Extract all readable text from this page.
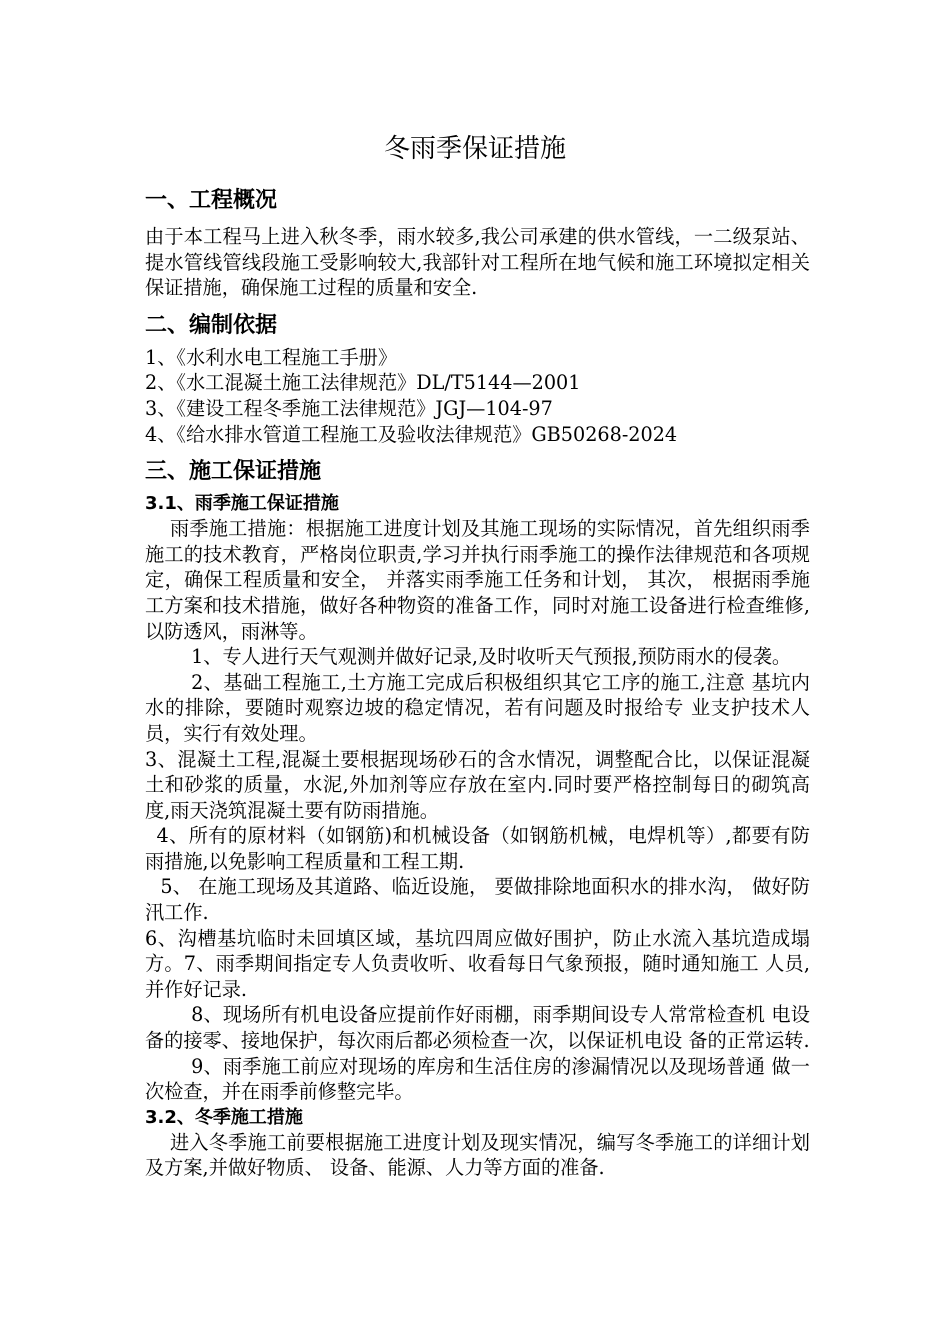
冬雨季保证措施
一、工程概况

由于本工程马上进入秋冬季，雨水较多,我公司承建的供水管线，一二级泵站、提水管线管线段施工受影响较大,我部针对工程所在地气候和施工环境拟定相关保证措施，确保施工过程的质量和安全.

二、编制依据

1、《水利水电工程施工手册》

2、《水工混凝土施工法律规范》DL/T5144—2001

3、《建设工程冬季施工法律规范》JGJ—104-97

4、《给水排水管道工程施工及验收法律规范》GB50268-2024

三、施工保证措施
3.1、雨季施工保证措施

雨季施工措施：根据施工进度计划及其施工现场的实际情况，首先组织雨季施工的技术教育，严格岗位职责,学习并执行雨季施工的操作法律规范和各项规定，确保工程质量和安全， 并落实雨季施工任务和计划， 其次， 根据雨季施工方案和技术措施，做好各种物资的准备工作，同时对施工设备进行检查维修,以防透风，雨淋等。

1、专人进行天气观测并做好记录,及时收听天气预报,预防雨水的侵袭。

2、基础工程施工,土方施工完成后积极组织其它工序的施工,注意 基坑内水的排除，要随时观察边坡的稳定情况，若有问题及时报给专 业支护技术人员，实行有效处理。

3、混凝土工程,混凝土要根据现场砂石的含水情况，调整配合比，以保证混凝土和砂浆的质量，水泥,外加剂等应存放在室内.同时要严格控制每日的砌筑高度,雨天浇筑混凝土要有防雨措施。

4、所有的原材料（如钢筋)和机械设备（如钢筋机械，电焊机等）,都要有防雨措施,以免影响工程质量和工程工期.

5、 在施工现场及其道路、临近设施， 要做排除地面积水的排水沟， 做好防汛工作.

6、沟槽基坑临时未回填区域，基坑四周应做好围护，防止水流入基坑造成塌方。7、雨季期间指定专人负责收听、收看每日气象预报，随时通知施工 人员,并作好记录.

8、现场所有机电设备应提前作好雨棚，雨季期间设专人常常检查机 电设备的接零、接地保护，每次雨后都必须检查一次，以保证机电设 备的正常运转.

9、雨季施工前应对现场的库房和生活住房的渗漏情况以及现场普通 做一次检查，并在雨季前修整完毕。

3.2、冬季施工措施

进入冬季施工前要根据施工进度计划及现实情况，编写冬季施工的详细计划及方案,并做好物质、 设备、能源、人力等方面的准备.
